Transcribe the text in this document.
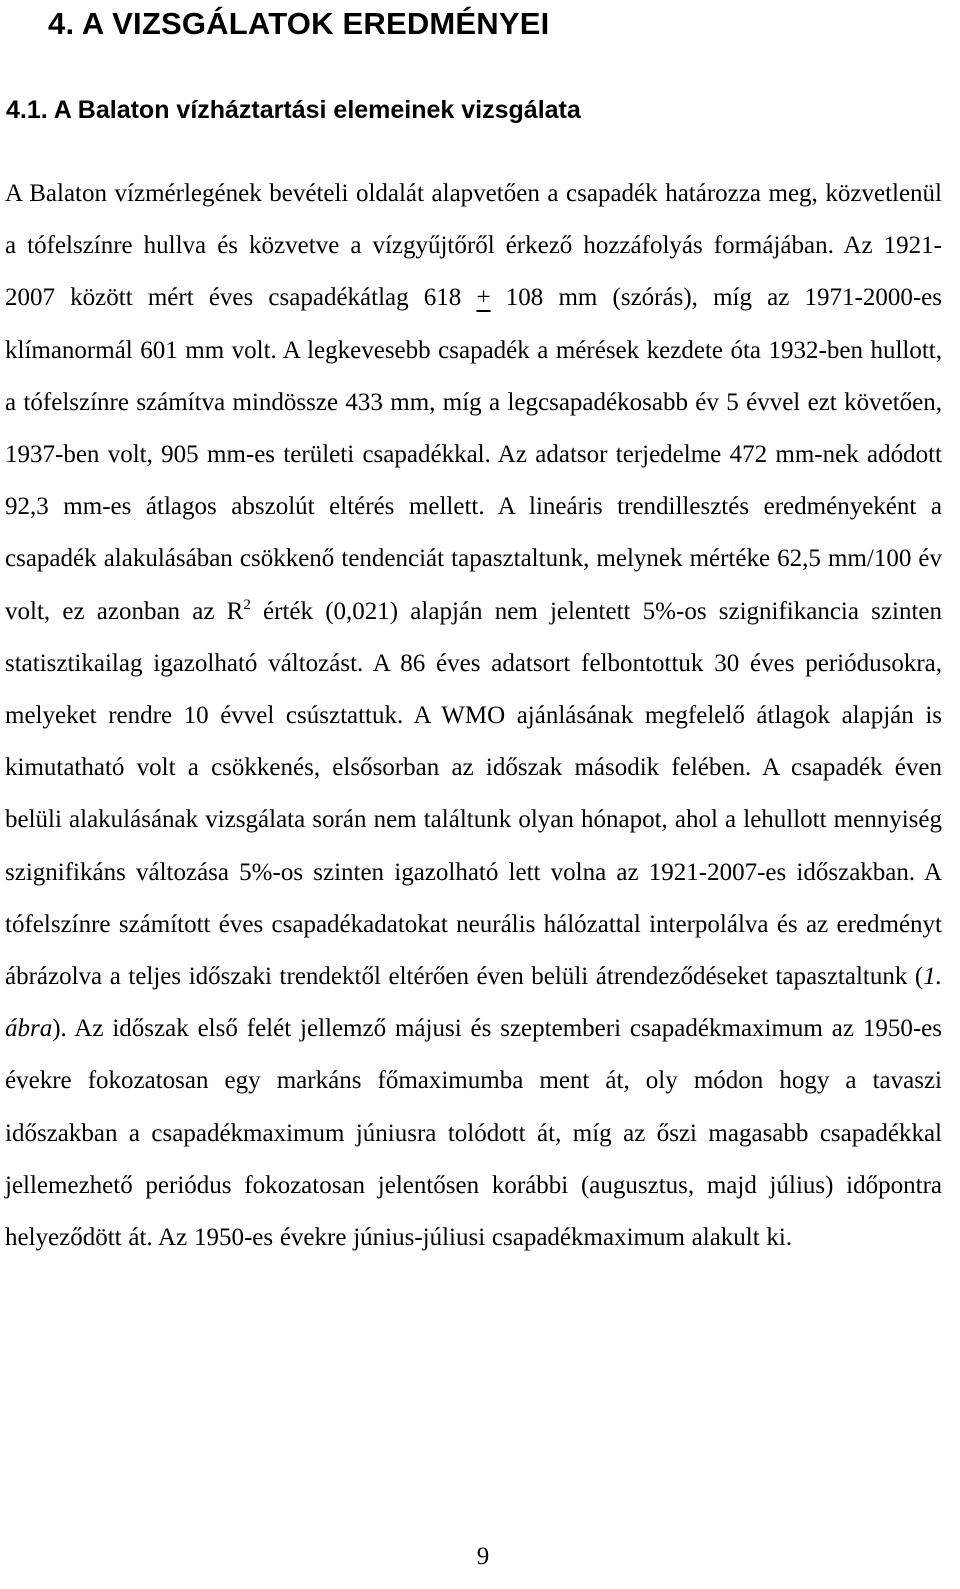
4. A VIZSGÁLATOK EREDMÉNYEI
4.1. A Balaton vízháztartási elemeinek vizsgálata

A Balaton vízmérlegének bevételi oldalát alapvetően a csapadék határozza meg, közvetlenül a tófelszínre hullva és közvetve a vízgyűjtőről érkező hozzáfolyás formájában. Az 1921-2007 között mért éves csapadékátlag 618 + 108 mm (szórás), míg az 1971-2000-es klímanormál 601 mm volt. A legkevesebb csapadék a mérések kezdete óta 1932-ben hullott, a tófelszínre számítva mindössze 433 mm, míg a legcsapadékosabb év 5 évvel ezt követően, 1937-ben volt, 905 mm-es területi csapadékkal. Az adatsor terjedelme 472 mm-nek adódott 92,3 mm-es átlagos abszolút eltérés mellett. A lineáris trendillesztés eredményeként a csapadék alakulásában csökkenő tendenciát tapasztaltunk, melynek mértéke 62,5 mm/100 év volt, ez azonban az $R^2$ érték (0,021) alapján nem jelentett 5%-os szignifikancia szinten statisztikailag igazolható változást. A 86 éves adatsort felbontottuk 30 éves periódusokra, melyeket rendre 10 évvel csúsztattuk. A WMO ajánlásának megfelelő átlagok alapján is kimutatható volt a csökkenés, elsősorban az időszak második felében. A csapadék éven belüli alakulásának vizsgálata során nem találtunk olyan hónapot, ahol a lehullott mennyiség szignifikáns változása 5%-os szinten igazolható lett volna az 1921-2007-es időszakban. A tófelszínre számított éves csapadékadatokat neurális hálózattal interpolálva és az eredményt ábrázolva a teljes időszaki trendektől eltérően éven belüli átrendeződéseket tapasztaltunk (1. ábra). Az időszak első felét jellemző májusi és szeptemberi csapadékmaximum az 1950-es évekre fokozatosan egy markáns főmaximumba ment át, oly módon hogy a tavaszi időszakban a csapadékmaximum júniusra tolódott át, míg az őszi magasabb csapadékkal jellemezhető periódus fokozatosan jelentősen korábbi (augusztus, majd július) időpontra helyeződött át. Az 1950-es évekre június-júliusi csapadékmaximum alakult ki.

9
